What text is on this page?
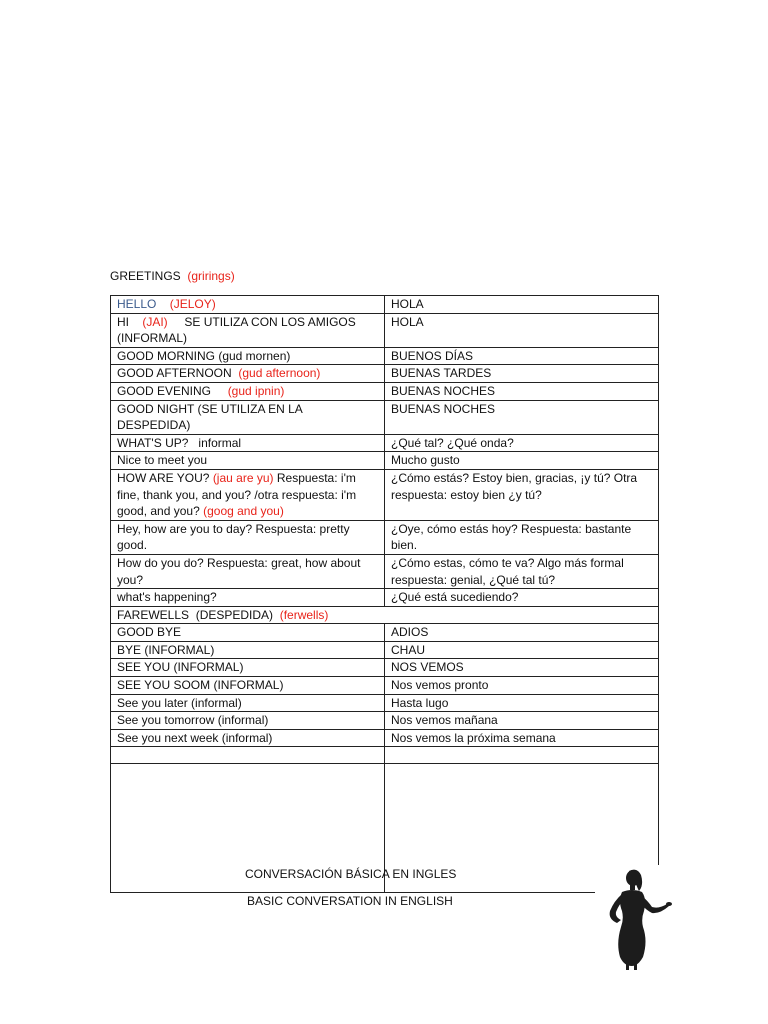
GREETINGS (grirings)
HELLO (JELOY)	HOLA
HI (JAI) SE UTILIZA CON LOS AMIGOS (INFORMAL)	HOLA
GOOD MORNING (gud mornen)	BUENOS DÍAS
GOOD AFTERNOON (gud afternoon)	BUENAS TARDES
GOOD EVENING (gud ipnin)	BUENAS NOCHES
GOOD NIGHT (SE UTILIZA EN LA DESPEDIDA)	BUENAS NOCHES
WHAT'S UP?   informal	¿Qué tal? ¿Qué onda?
Nice to meet you	Mucho gusto
HOW ARE YOU? (jau are yu) Respuesta: i'm fine, thank you, and you? /otra respuesta: i'm good, and you? (goog and you)	¿Cómo estás? Estoy bien, gracias, ¡y tú? Otra respuesta: estoy bien ¿y tú?
Hey, how are you to day? Respuesta: pretty good.	¿Oye, cómo estás hoy? Respuesta: bastante bien.
How do you do? Respuesta: great, how about you?	¿Cómo estas, cómo te va? Algo más formal respuesta: genial, ¿Qué tal tú?
what's happening?	¿Qué está sucediendo?
FAREWELLS  (DESPEDIDA) (ferwells)	
GOOD BYE	ADIOS
BYE (INFORMAL)	CHAU
SEE YOU (INFORMAL)	NOS VEMOS
SEE YOU SOOM (INFORMAL)	Nos vemos pronto
See you later (informal)	Hasta lugo
See you tomorrow (informal)	Nos vemos mañana
See you next week (informal)	Nos vemos la próxima semana

CONVERSACIÓN BÁSICA EN INGLES
BASIC CONVERSATION IN ENGLISH
